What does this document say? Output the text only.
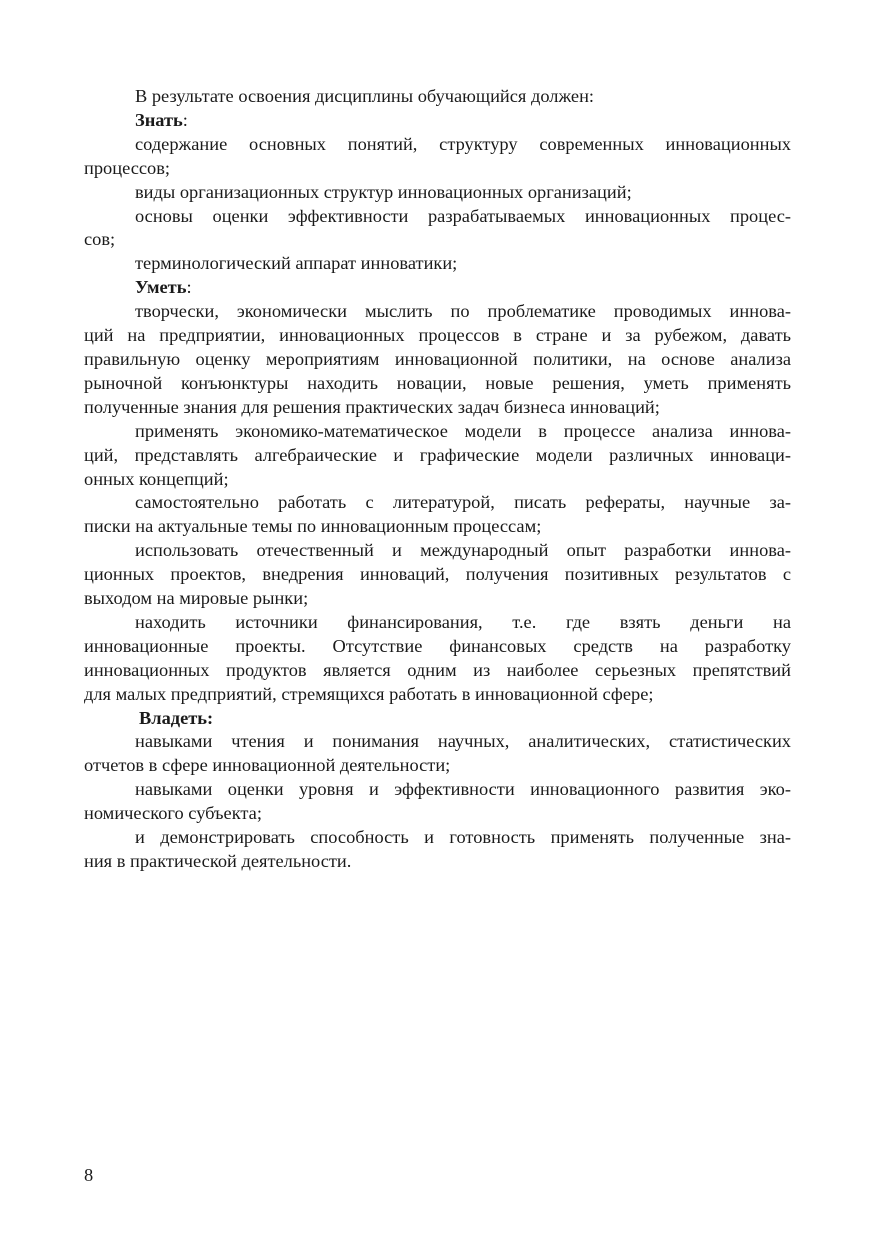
В результате освоения дисциплины обучающийся должен:
Знать:
содержание основных понятий, структуру современных инновационных
процессов;
виды организационных структур инновационных организаций;
основы оценки эффективности разрабатываемых инновационных процес-
сов;
терминологический аппарат инноватики;
Уметь:
творчески, экономически мыслить по проблематике проводимых иннова-
ций на предприятии, инновационных процессов в стране и за рубежом, давать
правильную оценку мероприятиям инновационной политики, на основе анализа
рыночной конъюнктуры находить новации, новые решения, уметь применять
полученные знания для решения практических задач бизнеса инноваций;
применять экономико-математическое модели в процессе анализа иннова-
ций, представлять алгебраические и графические модели различных инноваци-
онных концепций;
самостоятельно работать с литературой, писать рефераты, научные за-
писки на актуальные темы по инновационным процессам;
использовать отечественный и международный опыт разработки иннова-
ционных проектов, внедрения инноваций, получения позитивных результатов с
выходом на мировые рынки;
находить источники финансирования, т.е. где взять деньги на
инновационные проекты. Отсутствие финансовых средств на разработку
инновационных продуктов является одним из наиболее серьезных препятствий
для малых предприятий, стремящихся работать в инновационной сфере;
Владеть:
навыками чтения и понимания научных, аналитических, статистических
отчетов в сфере инновационной деятельности;
навыками оценки уровня и эффективности инновационного развития эко-
номического субъекта;
и демонстрировать способность и готовность применять полученные зна-
ния в практической деятельности.
8
